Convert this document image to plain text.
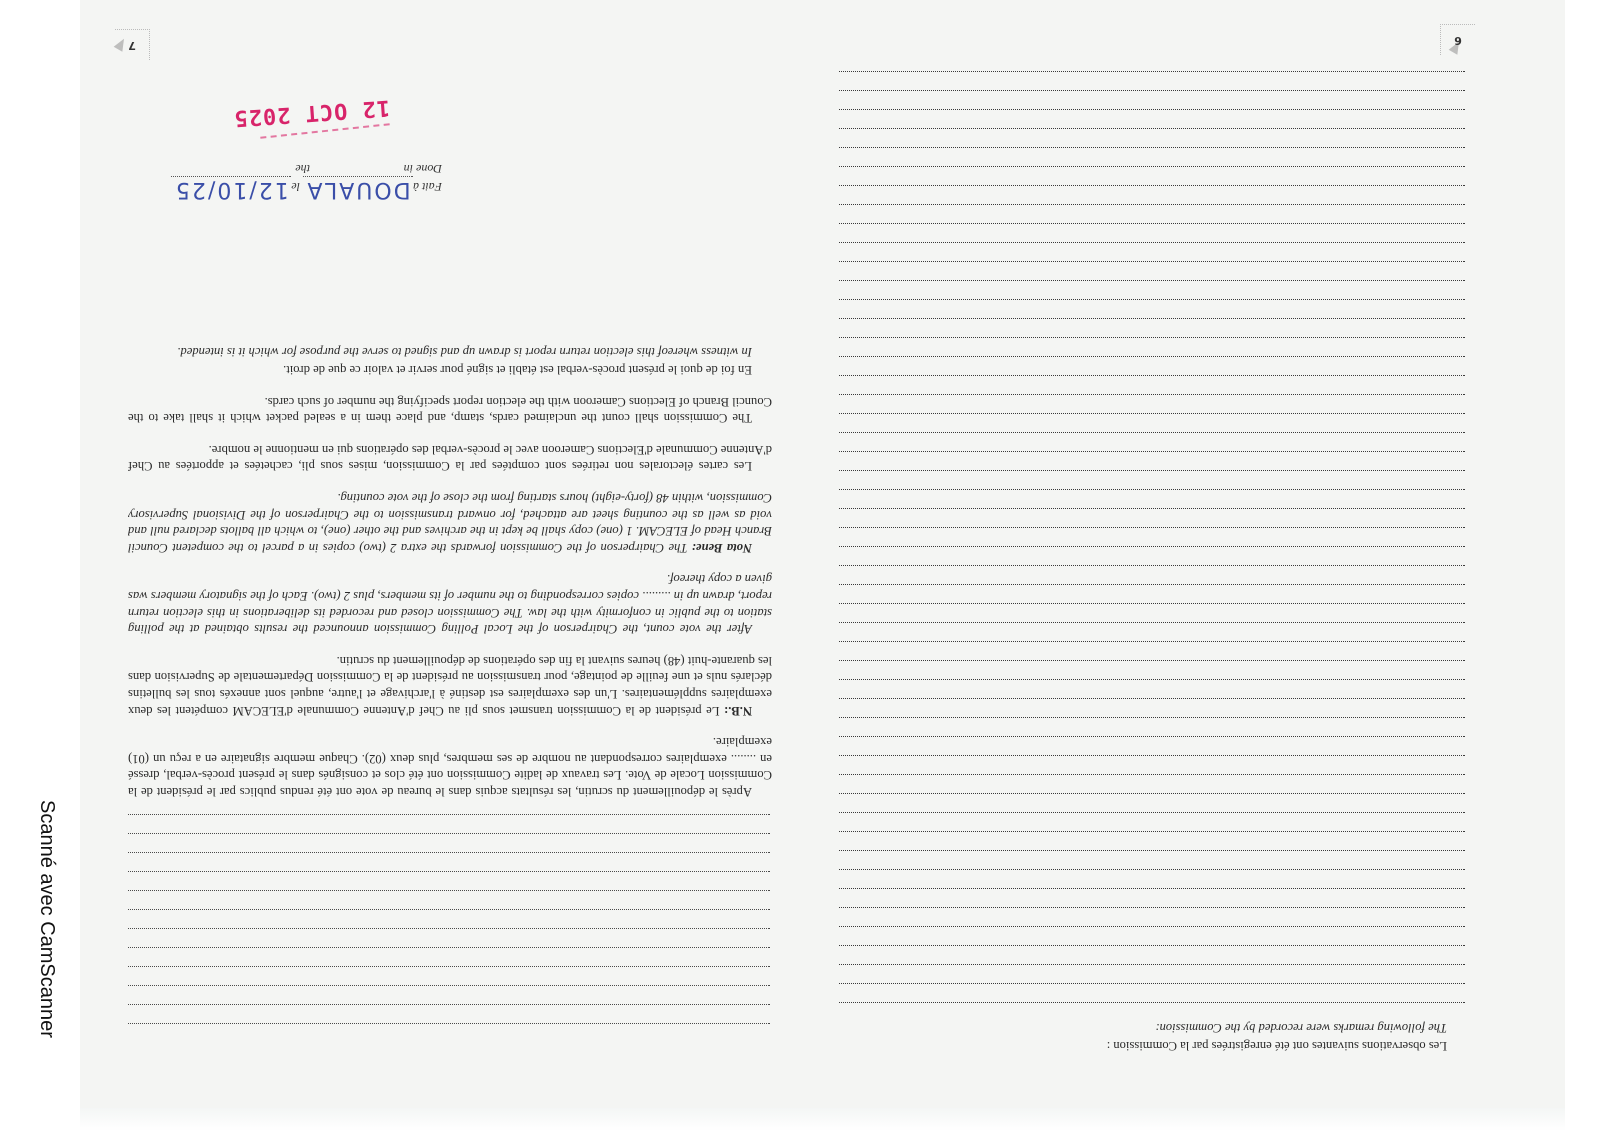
7

Après le dépouillement du scrutin, les résultats acquis dans le bureau de vote ont été rendus publics par le président de la Commission Locale de Vote. Les travaux de ladite Commission ont été clos et consignés dans le présent procès-verbal, dressé en ........ exemplaires correspondant au nombre de ses membres, plus deux (02). Chaque membre signataire en a reçu un (01) exemplaire.

N.B.: Le président de la Commission transmet sous pli au Chef d'Antenne Communale d'ELECAM compétent les deux exemplaires supplémentaires. L'un des exemplaires est destiné à l'archivage et l'autre, auquel sont annexés tous les bulletins déclarés nuls et une feuille de pointage, pour transmission au président de la Commission Départementale de Supervision dans les quarante-huit (48) heures suivant la fin des opérations de dépouillement du scrutin.

After the vote count, the Chairperson of the Local Polling Commission announced the results obtained at the polling station to the public in conformity with the law. The Commission closed and recorded its deliberations in this election return report, drawn up in ......... copies corresponding to the number of its members, plus 2 (two). Each of the signatory members was given a copy thereof.

Nota Bene: The Chairperson of the Commission forwards the extra 2 (two) copies in a parcel to the competent Council Branch Head of ELECAM. 1 (one) copy shall be kept in the archives and the other (one), to which all ballots declared null and void as well as the counting sheet are attached, for onward transmission to the Chairperson of the Divisional Supervisory Commission, within 48 (forty-eight) hours starting from the close of the vote counting.

Les cartes électorales non retirées sont comptées par la Commission, mises sous pli, cachetées et apportées au Chef d'Antenne Communale d'Elections Cameroon avec le procès-verbal des opérations qui en mentionne le nombre.

The Commission shall count the unclaimed cards, stamp, and place them in a sealed packet which it shall take to the Council Branch of Elections Cameroon with the election report specifying the number of such cards.

En foi de quoi le présent procès-verbal est établi et signé pour servir et valoir ce que de droit.

In witness whereof this election return report is drawn up and signed to serve the purpose for which it is intended.

Fait àDOUALA le12/10/25
Done inthe
12 OCT 2025
Les observations suivantes ont été enregistrées par la Commission :
The following remarks were recorded by the Commission:
6
Scanné avec CamScanner
